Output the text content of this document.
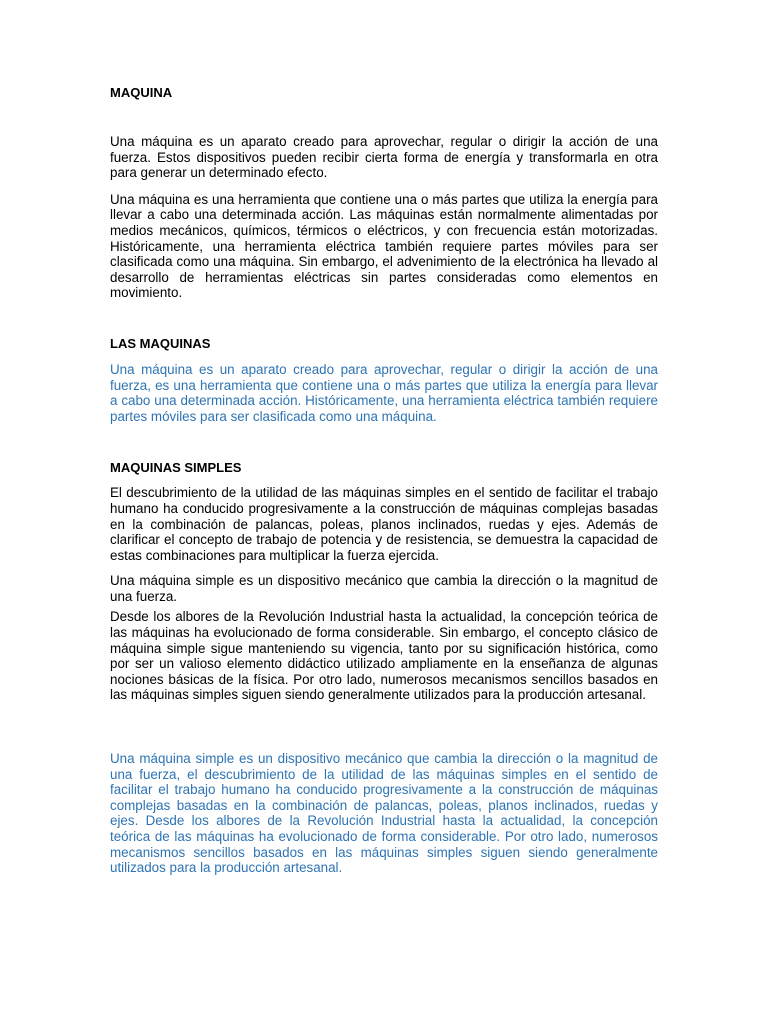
MAQUINA

Una máquina es un aparato creado para aprovechar, regular o dirigir la acción de una fuerza. Estos dispositivos pueden recibir cierta forma de energía y transformarla en otra para generar un determinado efecto.

Una máquina es una herramienta que contiene una o más partes que utiliza la energía para llevar a cabo una determinada acción. Las máquinas están normalmente alimentadas por medios mecánicos, químicos, térmicos o eléctricos, y con frecuencia están motorizadas. Históricamente, una herramienta eléctrica también requiere partes móviles para ser clasificada como una máquina. Sin embargo, el advenimiento de la electrónica ha llevado al desarrollo de herramientas eléctricas sin partes consideradas como elementos en movimiento.

LAS MAQUINAS

Una máquina es un aparato creado para aprovechar, regular o dirigir la acción de una fuerza, es una herramienta que contiene una o más partes que utiliza la energía para llevar a cabo una determinada acción. Históricamente, una herramienta eléctrica también requiere partes móviles para ser clasificada como una máquina.

MAQUINAS SIMPLES

El descubrimiento de la utilidad de las máquinas simples en el sentido de facilitar el trabajo humano ha conducido progresivamente a la construcción de máquinas complejas basadas en la combinación de palancas, poleas, planos inclinados, ruedas y ejes. Además de clarificar el concepto de trabajo de potencia y de resistencia, se demuestra la capacidad de estas combinaciones para multiplicar la fuerza ejercida.

Una máquina simple es un dispositivo mecánico que cambia la dirección o la magnitud de una fuerza.

Desde los albores de la Revolución Industrial hasta la actualidad, la concepción teórica de las máquinas ha evolucionado de forma considerable. Sin embargo, el concepto clásico de máquina simple sigue manteniendo su vigencia, tanto por su significación histórica, como por ser un valioso elemento didáctico utilizado ampliamente en la enseñanza de algunas nociones básicas de la física. Por otro lado, numerosos mecanismos sencillos basados en las máquinas simples siguen siendo generalmente utilizados para la producción artesanal.

Una máquina simple es un dispositivo mecánico que cambia la dirección o la magnitud de una fuerza, el descubrimiento de la utilidad de las máquinas simples en el sentido de facilitar el trabajo humano ha conducido progresivamente a la construcción de máquinas complejas basadas en la combinación de palancas, poleas, planos inclinados, ruedas y ejes. Desde los albores de la Revolución Industrial hasta la actualidad, la concepción teórica de las máquinas ha evolucionado de forma considerable. Por otro lado, numerosos mecanismos sencillos basados en las máquinas simples siguen siendo generalmente utilizados para la producción artesanal.
